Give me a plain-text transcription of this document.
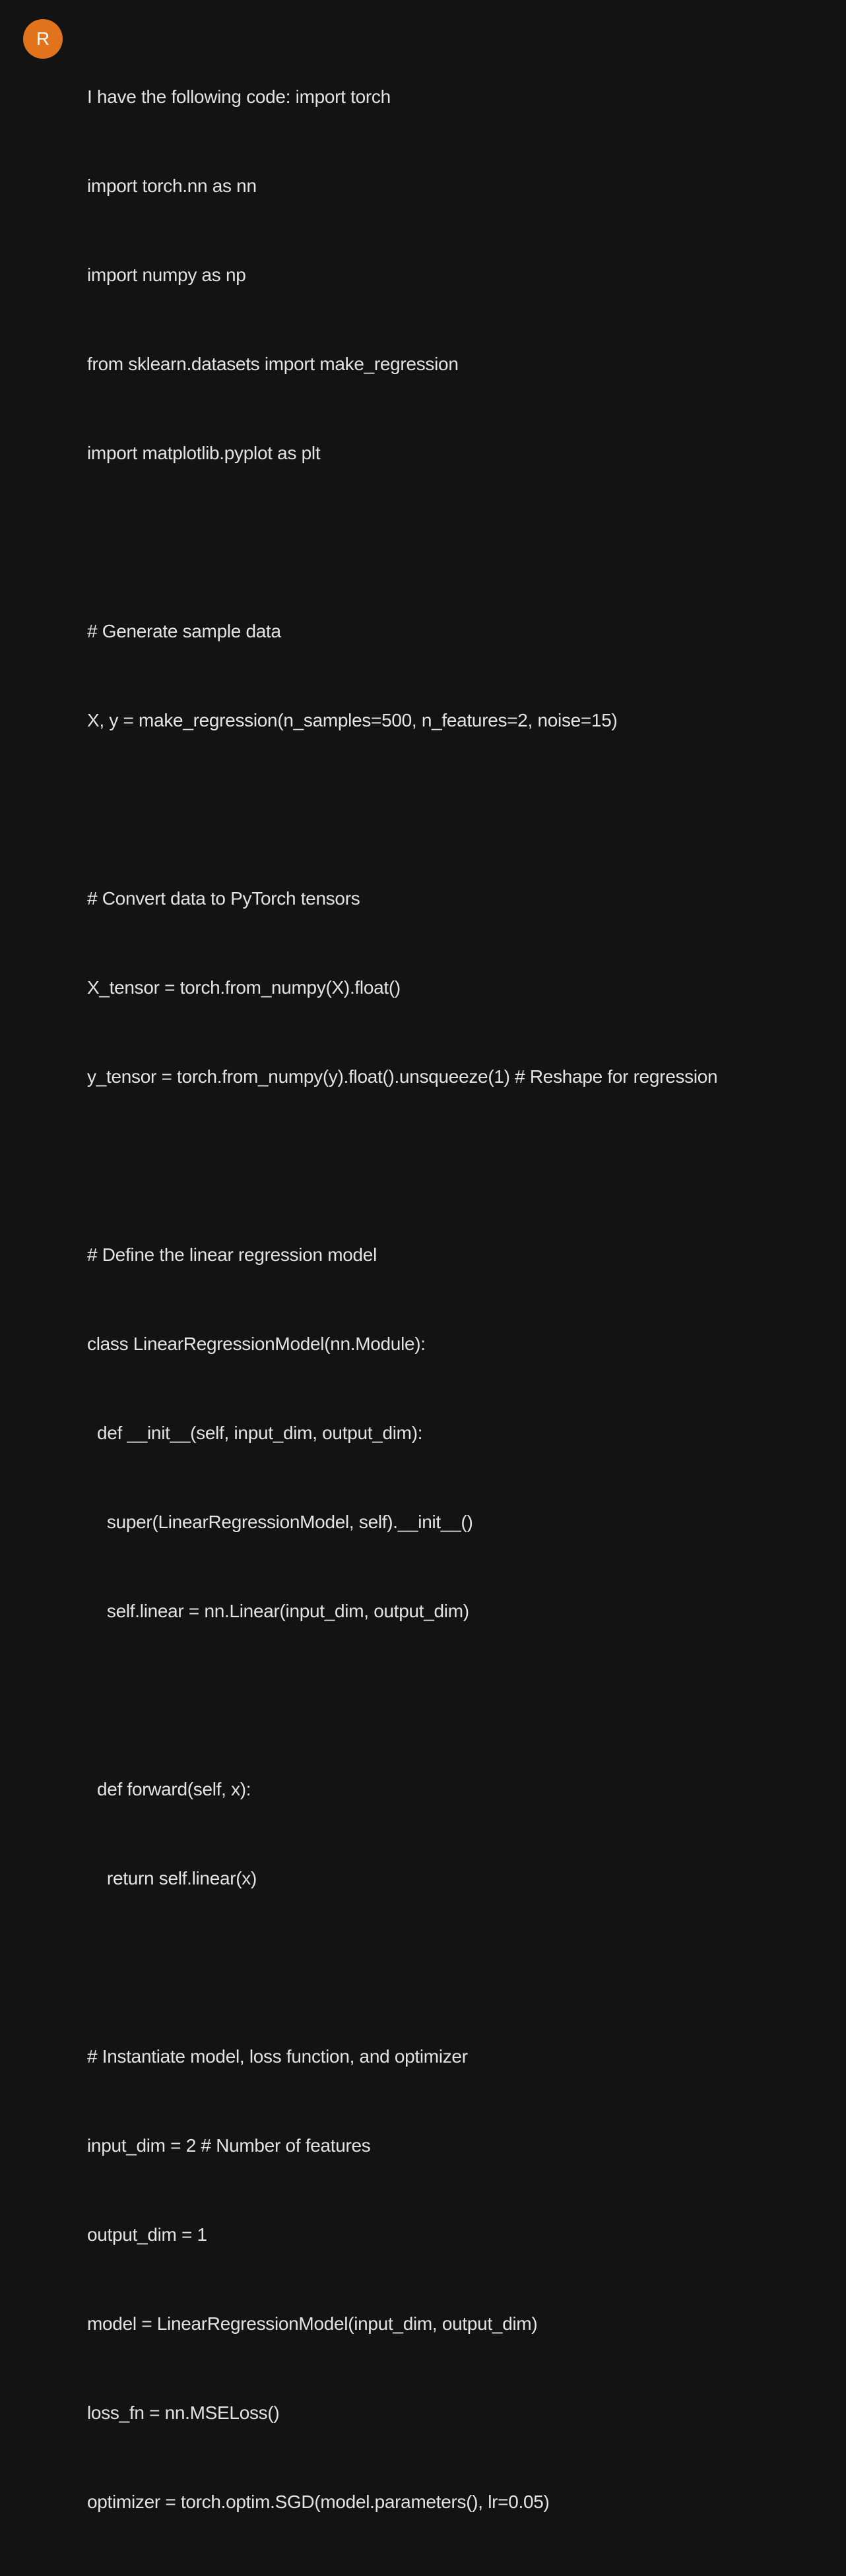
R

I have the following code: import torch

import torch.nn as nn

import numpy as np

from sklearn.datasets import make_regression

import matplotlib.pyplot as plt

# Generate sample data

X, y = make_regression(n_samples=500, n_features=2, noise=15)

# Convert data to PyTorch tensors

X_tensor = torch.from_numpy(X).float()

y_tensor = torch.from_numpy(y).float().unsqueeze(1) # Reshape for regression

# Define the linear regression model

class LinearRegressionModel(nn.Module):

def __init__(self, input_dim, output_dim):

super(LinearRegressionModel, self).__init__()

self.linear = nn.Linear(input_dim, output_dim)

def forward(self, x):

return self.linear(x)

# Instantiate model, loss function, and optimizer

input_dim = 2 # Number of features

output_dim = 1

model = LinearRegressionModel(input_dim, output_dim)

loss_fn = nn.MSELoss()

optimizer = torch.optim.SGD(model.parameters(), lr=0.05)
